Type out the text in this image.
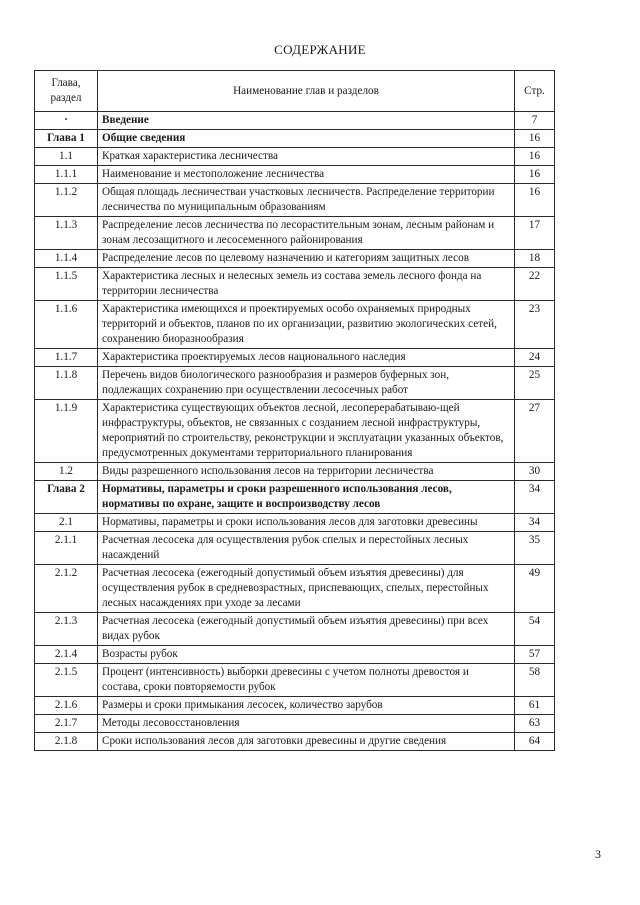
СОДЕРЖАНИЕ
Глава, раздел	Наименование глав и разделов	Стр.
·	Введение	7
Глава 1	Общие сведения	16
1.1	Краткая характеристика лесничества	16
1.1.1	Наименование и местоположение лесничества	16
1.1.2	Общая площадь лесничестваи участковых лесничеств. Распределение территории лесничества по муниципальным образованиям	16
1.1.3	Распределение лесов лесничества по лесорастительным зонам, лесным районам и зонам лесозащитного и лесосеменного районирования	17
1.1.4	Распределение лесов по целевому назначению и категориям защитных лесов	18
1.1.5	Характеристика лесных и нелесных земель из состава земель лесного фонда на территории лесничества	22
1.1.6	Характеристика имеющихся и проектируемых особо охраняемых природных территорий и объектов, планов по их организации, развитию экологических сетей, сохранению биоразнообразия	23
1.1.7	Характеристика проектируемых лесов национального наследия	24
1.1.8	Перечень видов биологического разнообразия и размеров буферных зон, подлежащих сохранению при осуществлении лесосечных работ	25
1.1.9	Характеристика существующих объектов лесной, лесоперерабатываю-щей инфраструктуры, объектов, не связанных с созданием лесной инфраструктуры, мероприятий по строительству, реконструкции и эксплуатации указанных объектов, предусмотренных документами территориального планирования	27
1.2	Виды разрешенного использования лесов на территории лесничества	30
Глава 2	Нормативы, параметры и сроки разрешенного использования лесов, нормативы по охране, защите и воспроизводству лесов	34
2.1	Нормативы, параметры и сроки использования лесов для заготовки древесины	34
2.1.1	Расчетная лесосека для осуществления рубок спелых и перестойных лесных насаждений	35
2.1.2	Расчетная лесосека (ежегодный допустимый объем изъятия древесины) для осуществления рубок в средневозрастных, приспевающих, спелых, перестойных лесных насаждениях при уходе за лесами	49
2.1.3	Расчетная лесосека (ежегодный допустимый объем изъятия древесины) при всех видах рубок	54
2.1.4	Возрасты рубок	57
2.1.5	Процент (интенсивность) выборки древесины с учетом полноты древостоя и состава, сроки повторяемости рубок	58
2.1.6	Размеры и сроки примыкания лесосек, количество зарубов	61
2.1.7	Методы лесовосстановления	63
2.1.8	Сроки использования лесов для заготовки древесины и другие сведения	64
3
